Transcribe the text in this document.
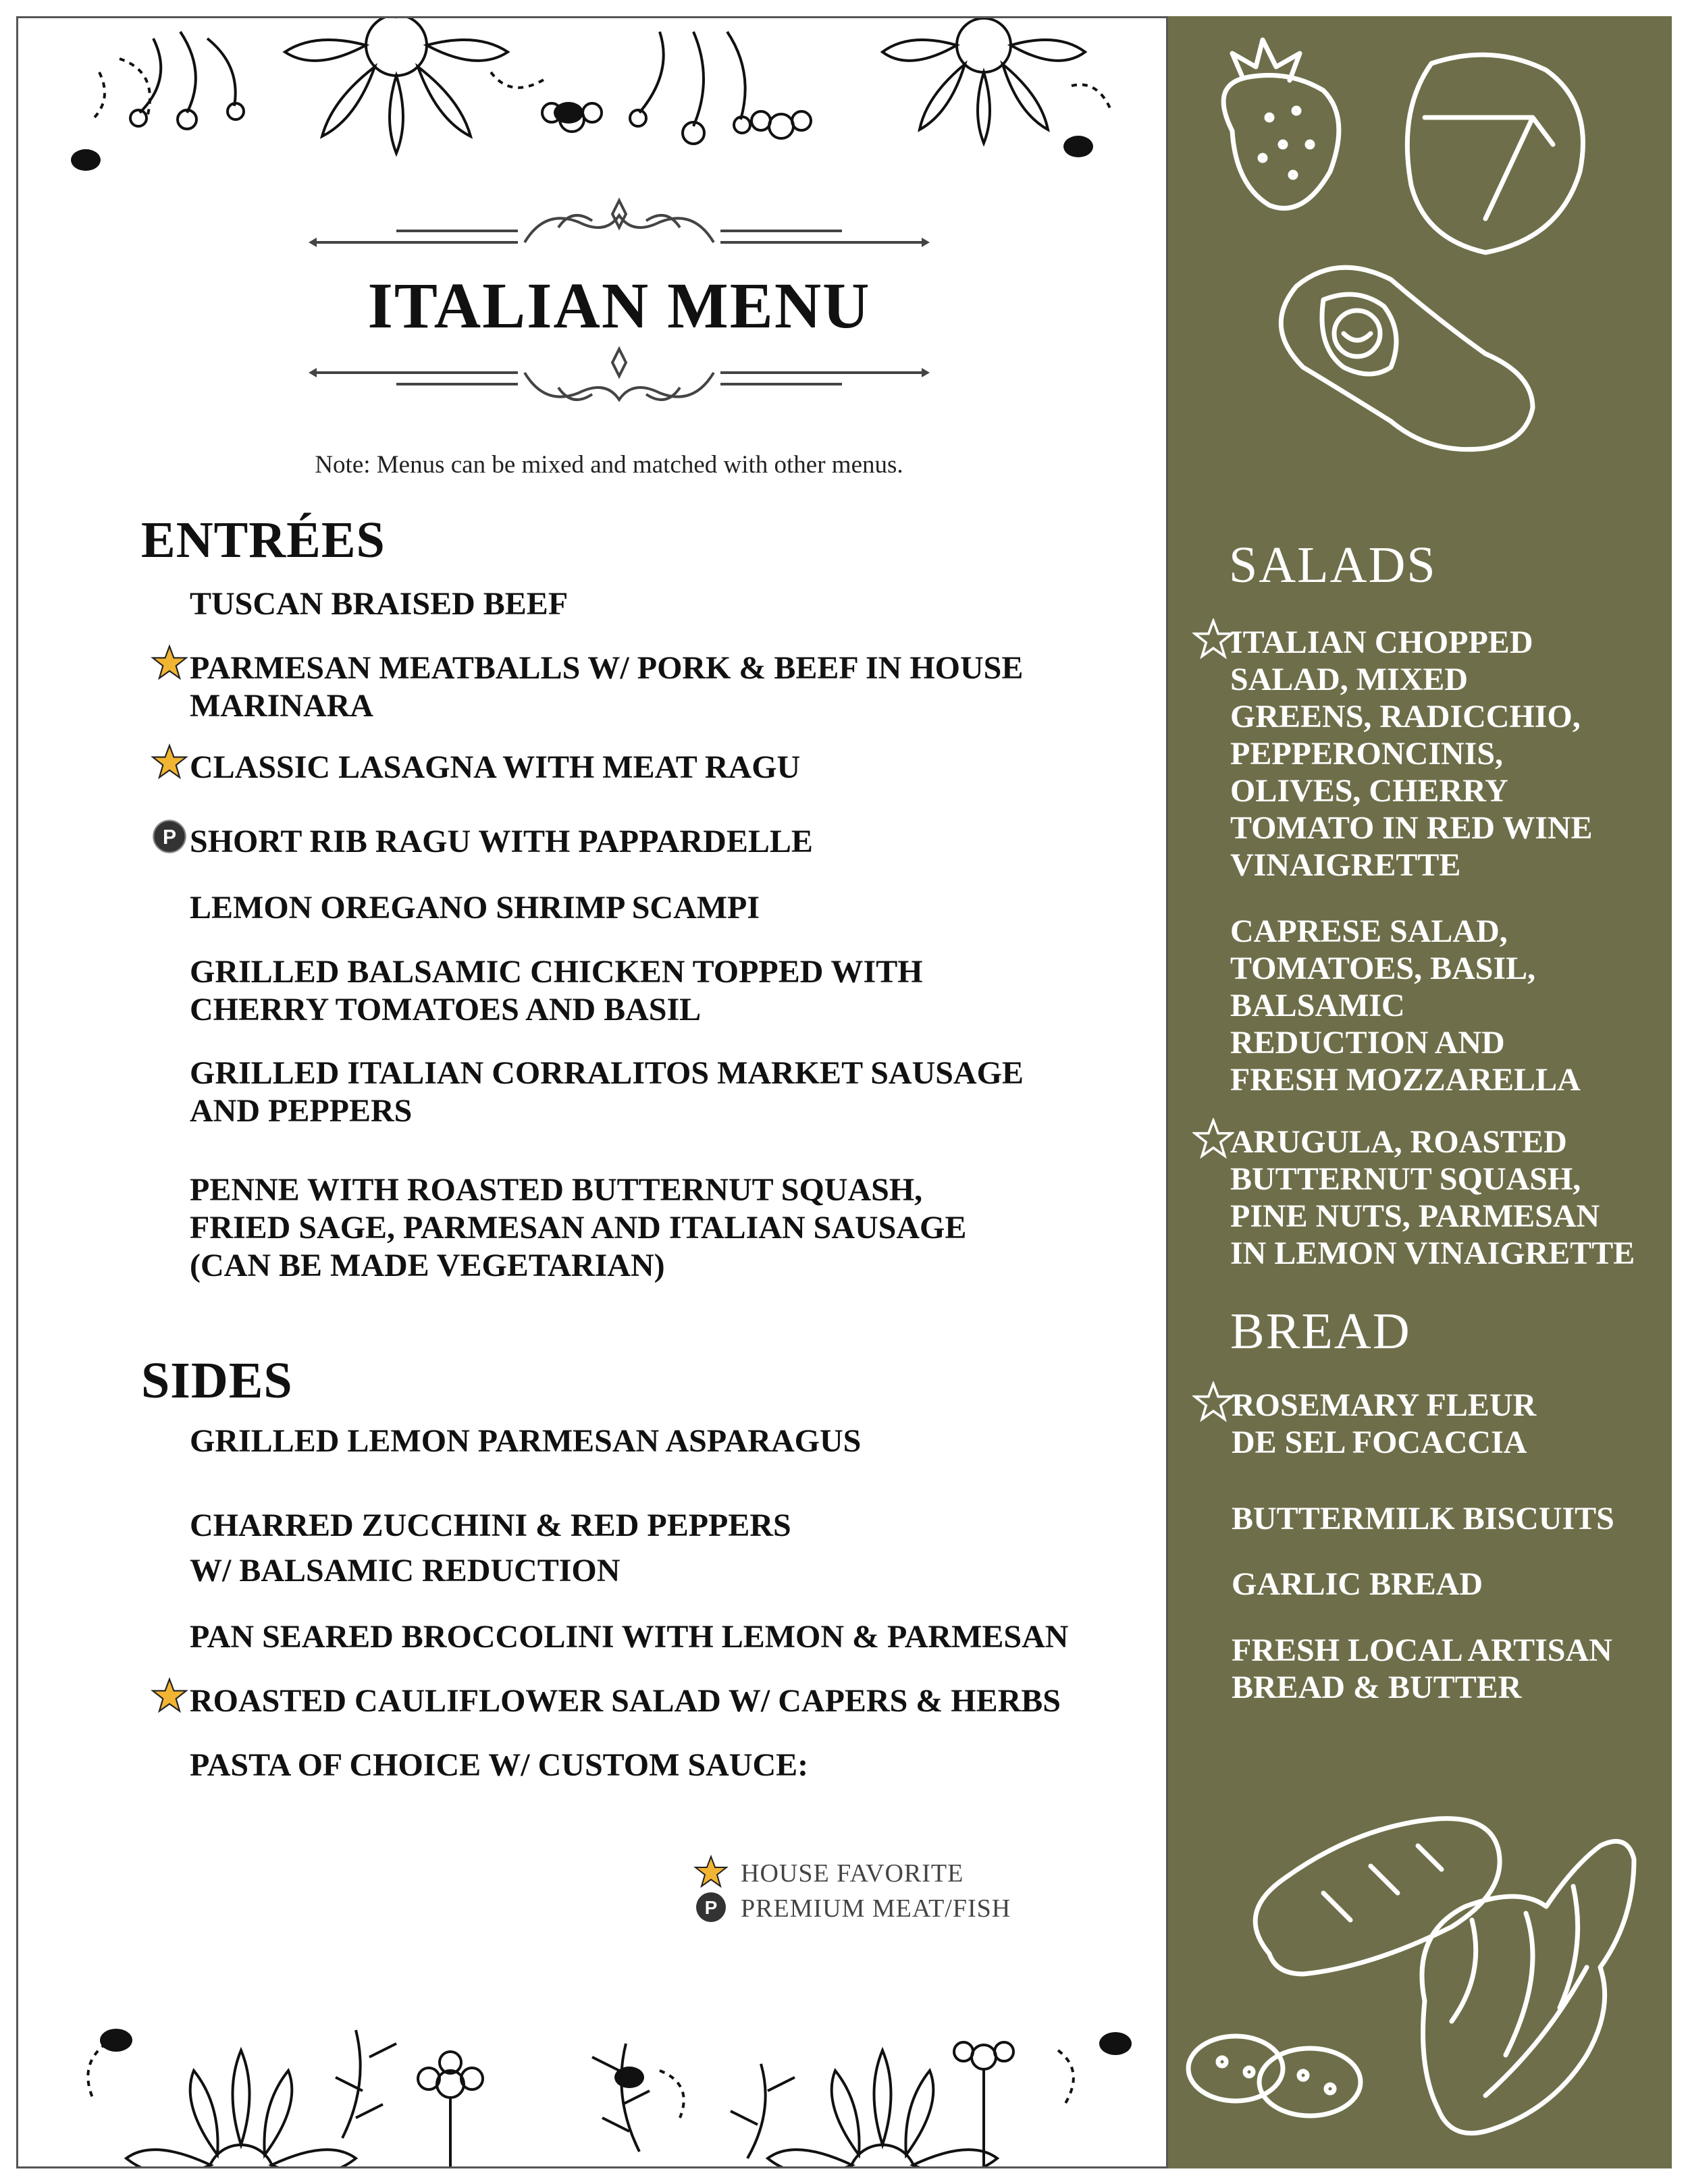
ITALIAN MENU
Note: Menus can be mixed and matched with other menus.
ENTRÉES
TUSCAN BRAISED BEEF
PARMESAN MEATBALLS W/ PORK & BEEF IN HOUSE
MARINARA
CLASSIC LASAGNA WITH MEAT RAGU
SHORT RIB RAGU WITH PAPPARDELLE
P
LEMON OREGANO SHRIMP SCAMPI
GRILLED BALSAMIC CHICKEN TOPPED WITH
CHERRY TOMATOES AND BASIL
GRILLED ITALIAN CORRALITOS MARKET SAUSAGE
AND PEPPERS
PENNE WITH ROASTED BUTTERNUT SQUASH,
FRIED SAGE, PARMESAN AND ITALIAN SAUSAGE
(CAN BE MADE VEGETARIAN)
SIDES
GRILLED LEMON PARMESAN ASPARAGUS
CHARRED ZUCCHINI & RED PEPPERS
W/ BALSAMIC REDUCTION
PAN SEARED BROCCOLINI WITH LEMON & PARMESAN
ROASTED CAULIFLOWER SALAD W/ CAPERS & HERBS
PASTA OF CHOICE W/ CUSTOM SAUCE:
HOUSE FAVORITE
P PREMIUM MEAT/FISH
SALADS
ITALIAN CHOPPED
SALAD, MIXED
GREENS, RADICCHIO,
PEPPERONCINIS,
OLIVES, CHERRY
TOMATO IN RED WINE
VINAIGRETTE
CAPRESE SALAD,
TOMATOES, BASIL,
BALSAMIC
REDUCTION AND
FRESH MOZZARELLA
ARUGULA, ROASTED
BUTTERNUT SQUASH,
PINE NUTS, PARMESAN
IN LEMON VINAIGRETTE
BREAD
ROSEMARY FLEUR
DE SEL FOCACCIA
BUTTERMILK BISCUITS
GARLIC BREAD
FRESH LOCAL ARTISAN
BREAD & BUTTER
